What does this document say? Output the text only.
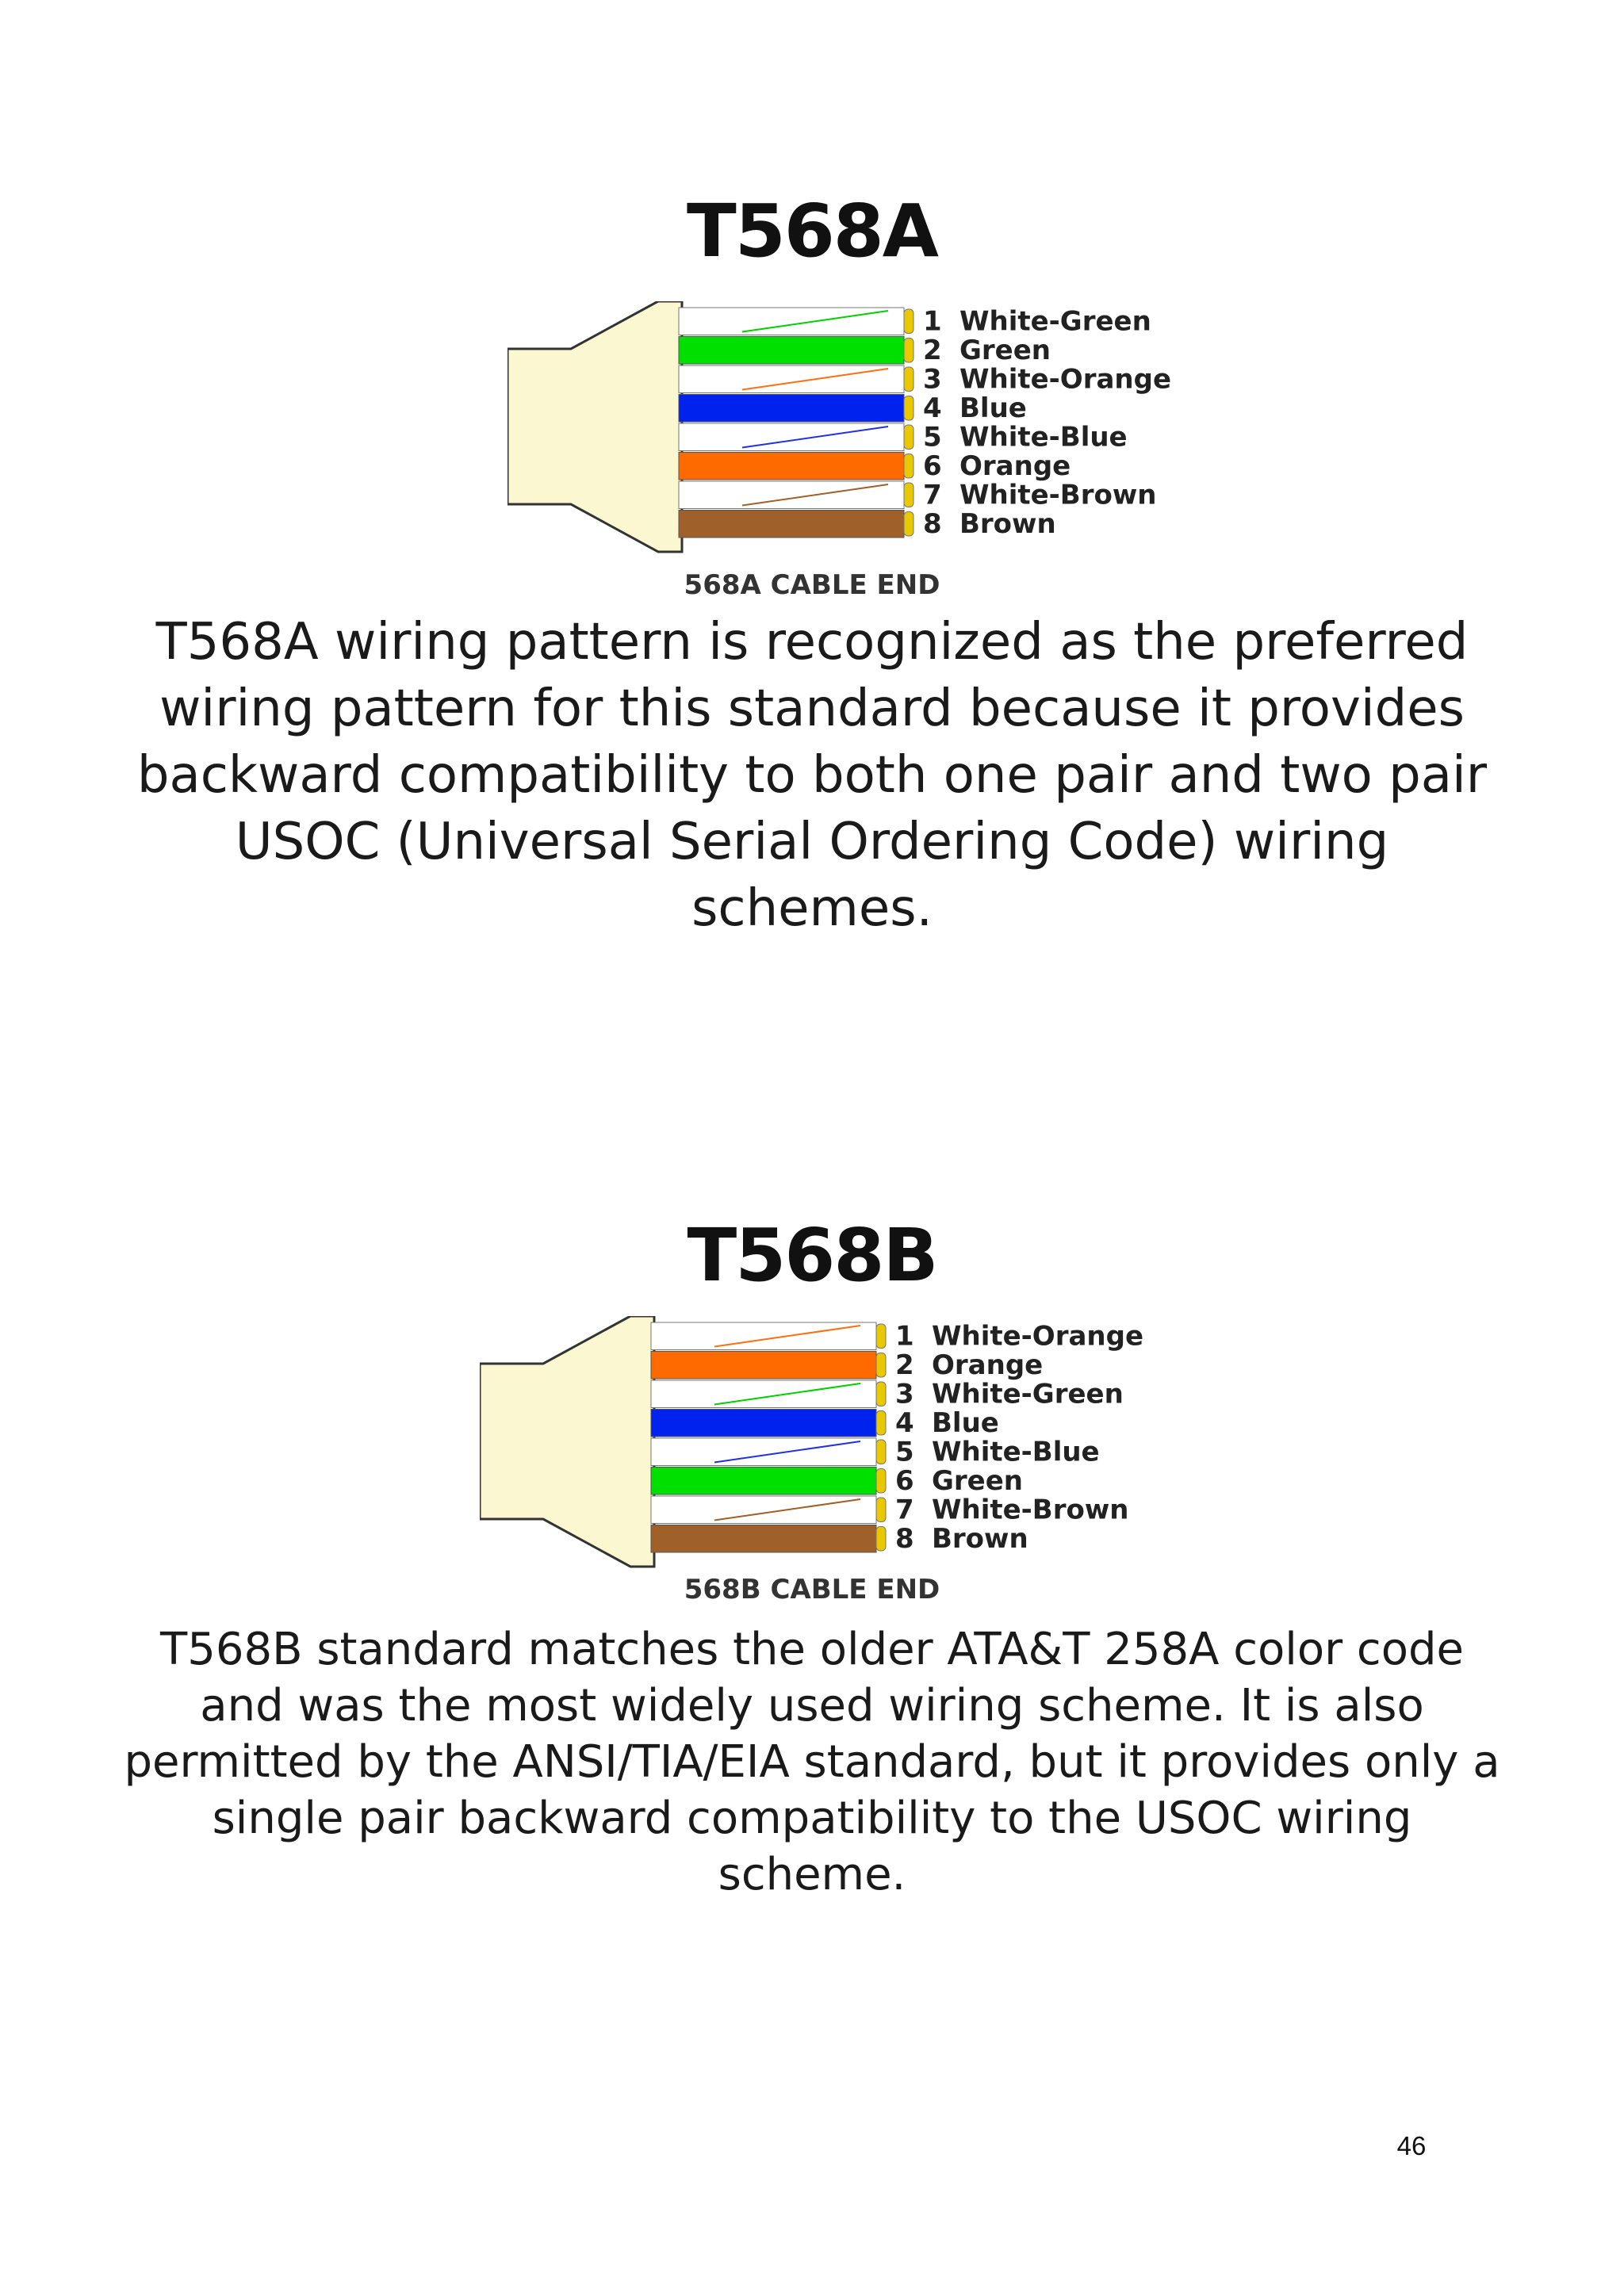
T568A
1 White-Green
2 Green
3 White-Orange
4 Blue
5 White-Blue
6 Orange
7 White-Brown
8 Brown
568A CABLE END

T568A wiring pattern is recognized as the preferred wiring pattern for this standard because it provides backward compatibility to both one pair and two pair USOC (Universal Serial Ordering Code) wiring schemes.

T568B
1 White-Orange
2 Orange
3 White-Green
4 Blue
5 White-Blue
6 Green
7 White-Brown
8 Brown
568B CABLE END

T568B standard matches the older ATA&T 258A color code and was the most widely used wiring scheme. It is also permitted by the ANSI/TIA/EIA standard, but it provides only a single pair backward compatibility to the USOC wiring scheme.

46
